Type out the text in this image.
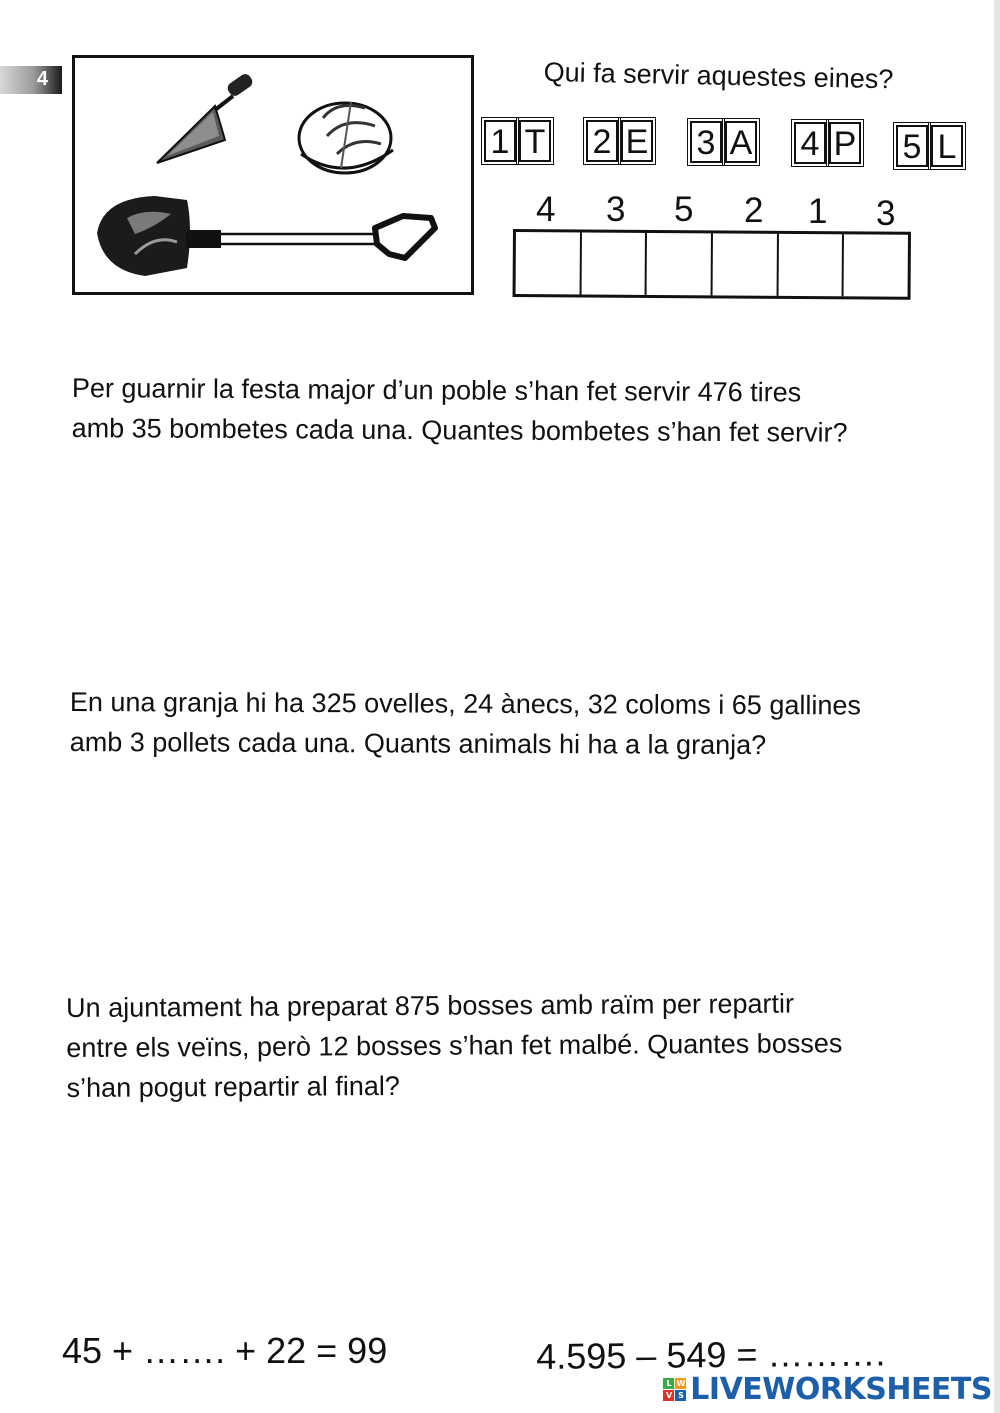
4	Qui fa servir aquestes eines?
1 T 2 E 3 A 4 P 5 L
4 3 5 2 1 3
Per guarnir la festa major d’un poble s’han fet servir 476 tires
amb 35 bombetes cada una. Quantes bombetes s’han fet servir?
En una granja hi ha 325 ovelles, 24 ànecs, 32 coloms i 65 gallines
amb 3 pollets cada una. Quants animals hi ha a la granja?
Un ajuntament ha preparat 875 bosses amb raïm per repartir
entre els veïns, però 12 bosses s’han fet malbé. Quantes bosses
s’han pogut repartir al final?
45 + ……. + 22 = 99	4.595 – 549 = ……….
L W
V S LIVEWORKSHEETS
